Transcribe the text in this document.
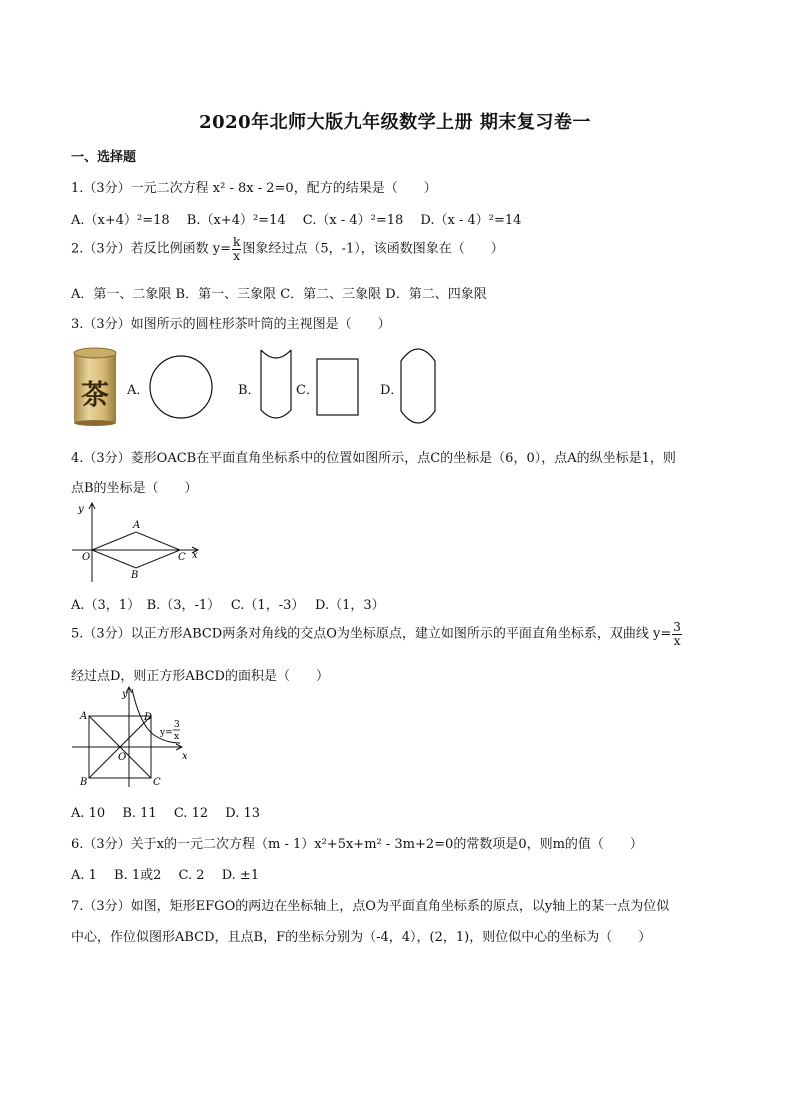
2020年北师大版九年级数学上册 期末复习卷一
一、选择题
1.（3分）一元二次方程 x² - 8x - 2=0，配方的结果是（　　）
A.（x+4）²=18　 B.（x+4）²=14　 C.（x - 4）²=18　 D.（x - 4）²=14
2.（3分）若反比例函数 $y= \frac{k}{x}$ 图象经过点（5，-1），该函数图象在（　　）
A．第一、二象限 B．第一、三象限 C．第二、三象限 D．第二、四象限
3.（3分）如图所示的圆柱形茶叶筒的主视图是（　　）
茶	A．	B．	C．	D．
4.（3分）菱形OACB在平面直角坐标系中的位置如图所示，点C的坐标是（6，0），点A的纵坐标是1，则
点B的坐标是（　　）
y
x
O
A
B
C
A.（3，1）　B.（3，-1）　 C.（1，-3）　 D.（1，3）
5.（3分）以正方形ABCD两条对角线的交点O为坐标原点，建立如图所示的平面直角坐标系，双曲线 $y= \frac{3}{x}$
经过点D，则正方形ABCD的面积是（　　）
y
x
O
A
B	C
D
y=
3
x
A. 10　 B. 11　 C. 12　 D. 13
6.（3分）关于x的一元二次方程（m - 1）x²+5x+m² - 3m+2=0的常数项是0，则m的值（　　）
A. 1　 B. 1或2　 C. 2　 D. ±1
7.（3分）如图，矩形EFGO的两边在坐标轴上，点O为平面直角坐标系的原点，以y轴上的某一点为位似
中心，作位似图形ABCD，且点B，F的坐标分别为（-4，4），(2，1)，则位似中心的坐标为（　　）
